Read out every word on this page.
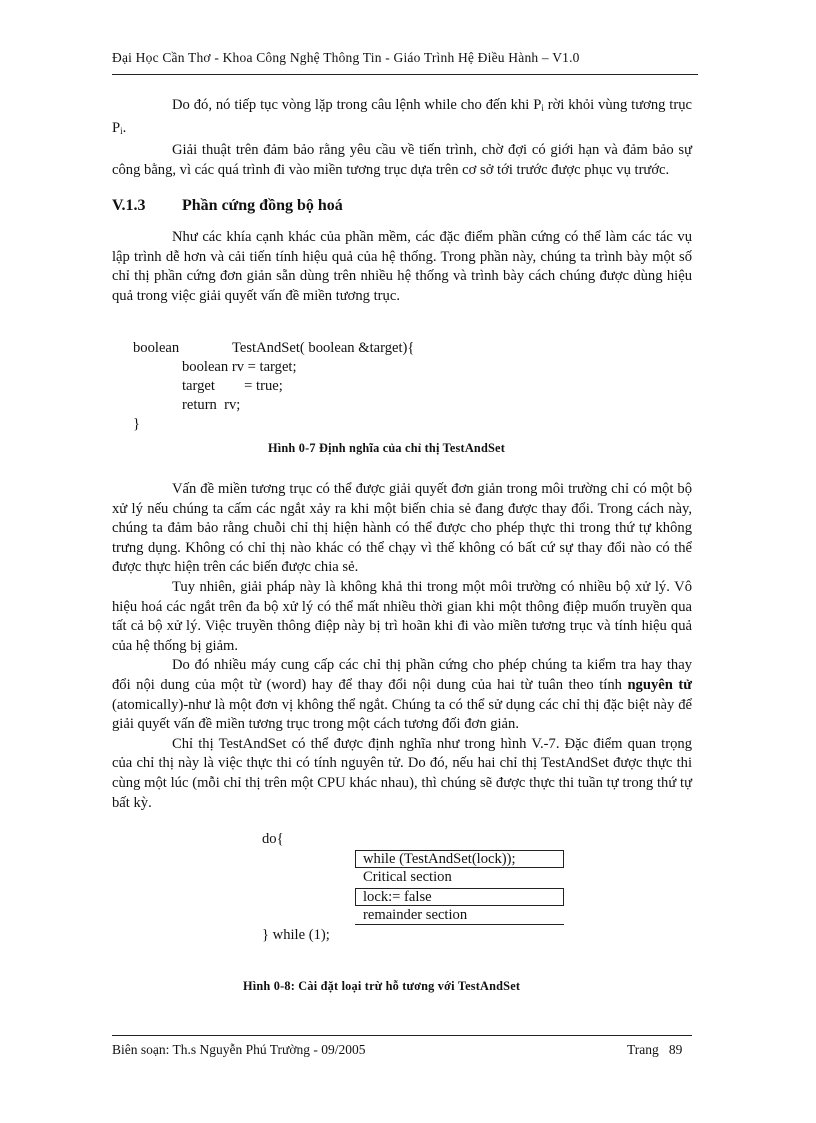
Đại Học Cần Thơ - Khoa Công Nghệ Thông Tin - Giáo Trình Hệ Điều Hành – V1.0

Do đó, nó tiếp tục vòng lặp trong câu lệnh while cho đến khi $P_i$ rời khỏi vùng tương trục $P_i$.

Giải thuật trên đảm bảo rằng yêu cầu về tiến trình, chờ đợi có giới hạn và đảm bảo sự công bằng, vì các quá trình đi vào miền tương trục dựa trên cơ sở tới trước được phục vụ trước.

V.1.3 Phần cứng đồng bộ hoá

Như các khía cạnh khác của phần mềm, các đặc điểm phần cứng có thể làm các tác vụ lập trình dễ hơn và cải tiến tính hiệu quả của hệ thống. Trong phần này, chúng ta trình bày một số chỉ thị phần cứng đơn giản sẵn dùng trên nhiều hệ thống và trình bày cách chúng được dùng hiệu quả trong việc giải quyết vấn đề miền tương trục.

boolean	TestAndSet( boolean &target){
boolean rv = target;
target        = true;
return  rv;
}
Hình 0-7 Định nghĩa của chỉ thị TestAndSet

Vấn đề miền tương trục có thể được giải quyết đơn giản trong môi trường chỉ có một bộ xử lý nếu chúng ta cấm các ngắt xảy ra khi một biến chia sẻ đang được thay đổi. Trong cách này, chúng ta đảm bảo rằng chuỗi chỉ thị hiện hành có thể được cho phép thực thi trong thứ tự không trưng dụng. Không có chỉ thị nào khác có thể chạy vì thế không có bất cứ sự thay đổi nào có thể được thực hiện trên các biến được chia sẻ.

Tuy nhiên, giải pháp này là không khả thi trong một môi trường có nhiều bộ xử lý. Vô hiệu hoá các ngắt trên đa bộ xử lý có thể mất nhiều thời gian khi một thông điệp muốn truyền qua tất cả bộ xử lý. Việc truyền thông điệp này bị trì hoãn khi đi vào miền tương trục và tính hiệu quả của hệ thống bị giảm.

Do đó nhiều máy cung cấp các chỉ thị phần cứng cho phép chúng ta kiểm tra hay thay đổi nội dung của một từ (word) hay để thay đổi nội dung của hai từ tuân theo tính nguyên tử (atomically)-như là một đơn vị không thể ngắt. Chúng ta có thể sử dụng các chỉ thị đặc biệt này để giải quyết vấn đề miền tương trục trong một cách tương đối đơn giản.

Chỉ thị TestAndSet có thể được định nghĩa như trong hình V.-7. Đặc điểm quan trọng của chỉ thị này là việc thực thi có tính nguyên tử. Do đó, nếu hai chỉ thị TestAndSet được thực thi cùng một lúc (mỗi chỉ thị trên một CPU khác nhau), thì chúng sẽ được thực thi tuần tự trong thứ tự bất kỳ.

do{
while (TestAndSet(lock));
Critical section
lock:= false
remainder section
} while (1);
Hình 0-8: Cài đặt loại trừ hỗ tương với TestAndSet
Biên soạn: Th.s Nguyễn Phú Trường - 09/2005	Trang 89
